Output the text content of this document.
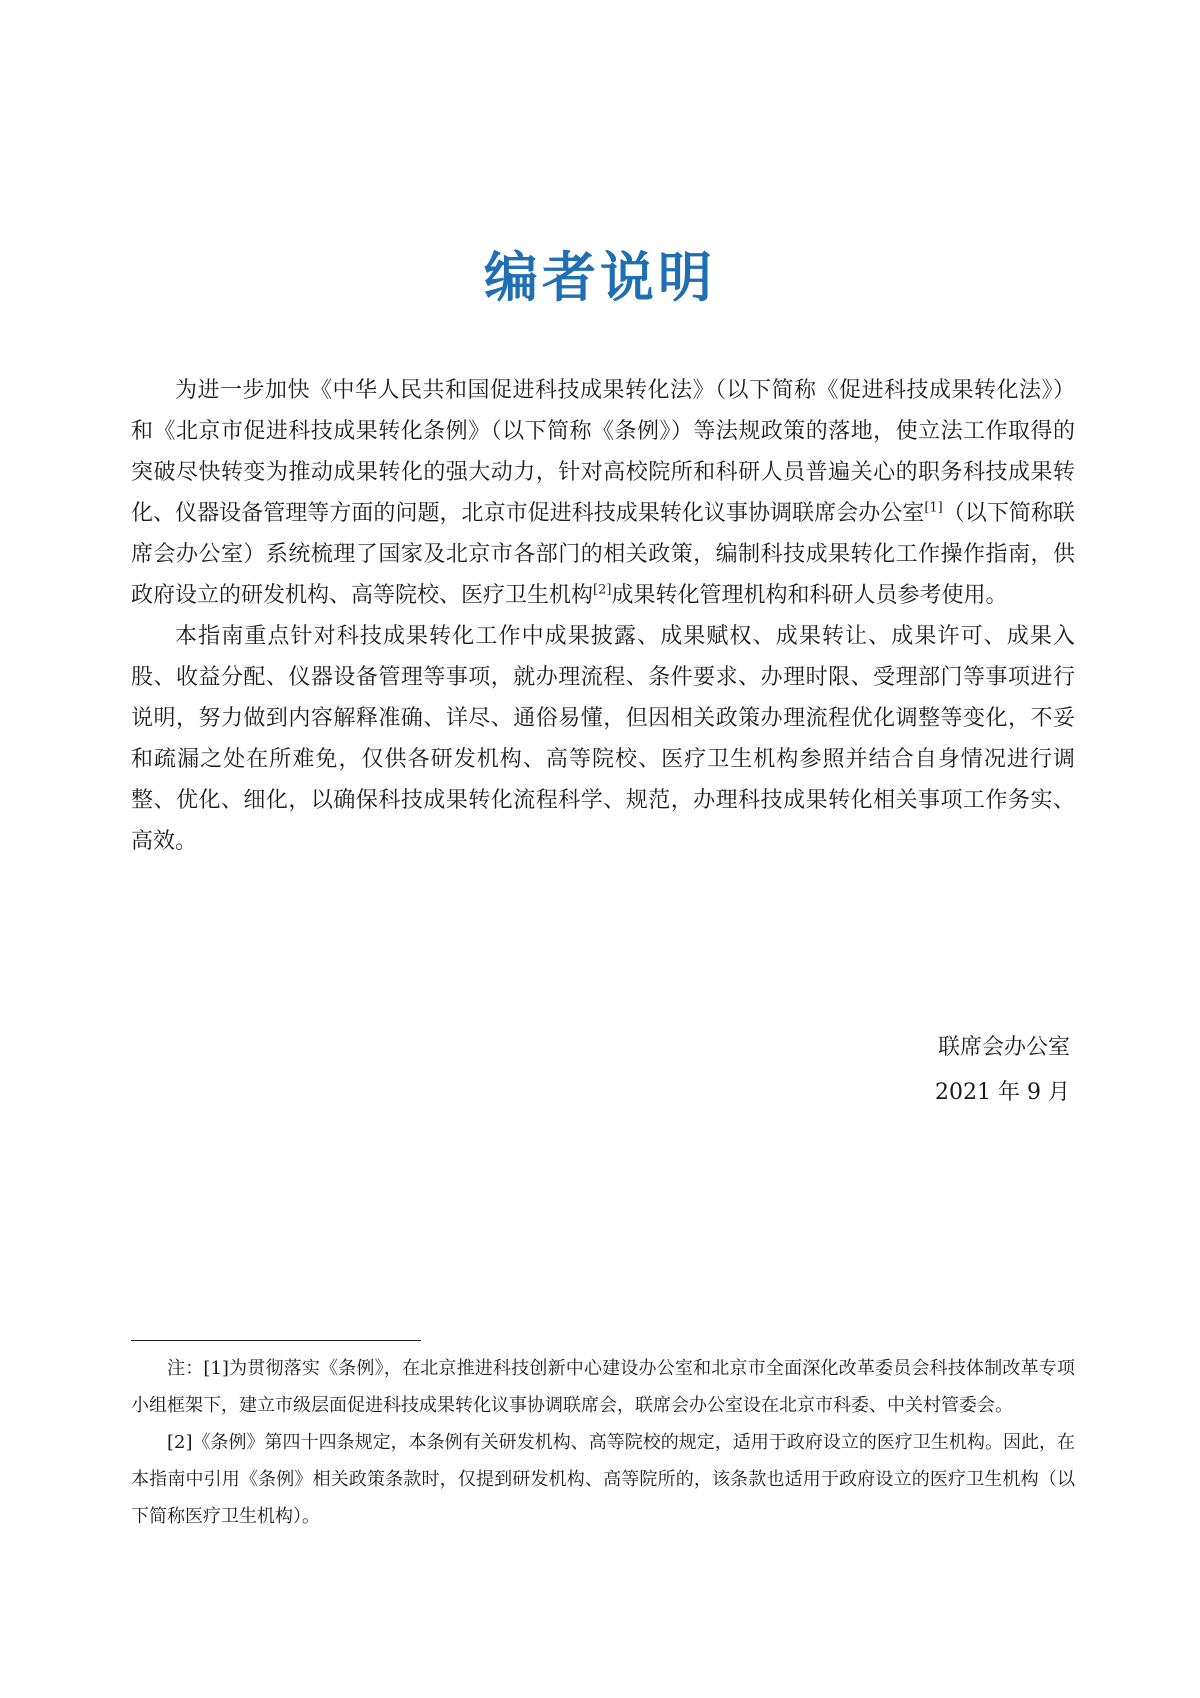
编者说明

为进一步加快《中华人民共和国促进科技成果转化法》（以下简称《促进科技成果转化法》）和《北京市促进科技成果转化条例》（以下简称《条例》）等法规政策的落地，使立法工作取得的突破尽快转变为推动成果转化的强大动力，针对高校院所和科研人员普遍关心的职务科技成果转化、仪器设备管理等方面的问题，北京市促进科技成果转化议事协调联席会办公室[1]（以下简称联席会办公室）系统梳理了国家及北京市各部门的相关政策，编制科技成果转化工作操作指南，供政府设立的研发机构、高等院校、医疗卫生机构[2]成果转化管理机构和科研人员参考使用。

本指南重点针对科技成果转化工作中成果披露、成果赋权、成果转让、成果许可、成果入股、收益分配、仪器设备管理等事项，就办理流程、条件要求、办理时限、受理部门等事项进行说明，努力做到内容解释准确、详尽、通俗易懂，但因相关政策办理流程优化调整等变化，不妥和疏漏之处在所难免，仅供各研发机构、高等院校、医疗卫生机构参照并结合自身情况进行调整、优化、细化，以确保科技成果转化流程科学、规范，办理科技成果转化相关事项工作务实、高效。

联席会办公室
2021 年 9 月

注：[1]为贯彻落实《条例》，在北京推进科技创新中心建设办公室和北京市全面深化改革委员会科技体制改革专项小组框架下，建立市级层面促进科技成果转化议事协调联席会，联席会办公室设在北京市科委、中关村管委会。

[2]《条例》第四十四条规定，本条例有关研发机构、高等院校的规定，适用于政府设立的医疗卫生机构。因此，在本指南中引用《条例》相关政策条款时，仅提到研发机构、高等院所的，该条款也适用于政府设立的医疗卫生机构（以下简称医疗卫生机构）。
